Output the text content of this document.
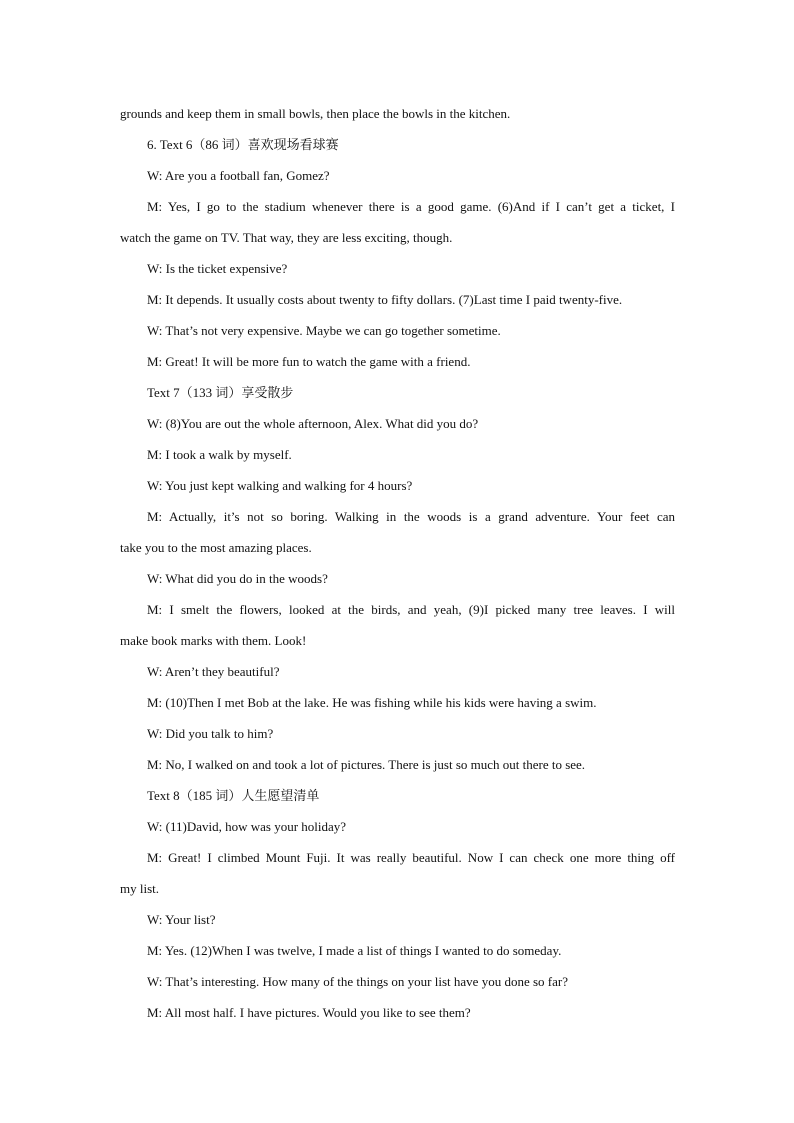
grounds and keep them in small bowls, then place the bowls in the kitchen.
6. Text 6（86 词）喜欢现场看球赛
W: Are you a football fan, Gomez?
M: Yes, I go to the stadium whenever there is a good game. (6)And if I can’t get a ticket, I
watch the game on TV. That way, they are less exciting, though.
W: Is the ticket expensive?
M: It depends. It usually costs about twenty to fifty dollars. (7)Last time I paid twenty-five.
W: That’s not very expensive. Maybe we can go together sometime.
M: Great! It will be more fun to watch the game with a friend.
Text 7（133 词）享受散步
W: (8)You are out the whole afternoon, Alex. What did you do?
M: I took a walk by myself.
W: You just kept walking and walking for 4 hours?
M: Actually, it’s not so boring. Walking in the woods is a grand adventure. Your feet can
take you to the most amazing places.
W: What did you do in the woods?
M: I smelt the flowers, looked at the birds, and yeah, (9)I picked many tree leaves. I will
make book marks with them. Look!
W: Aren’t they beautiful?
M: (10)Then I met Bob at the lake. He was fishing while his kids were having a swim.
W: Did you talk to him?
M: No, I walked on and took a lot of pictures. There is just so much out there to see.
Text 8（185 词）人生愿望清单
W: (11)David, how was your holiday?
M: Great! I climbed Mount Fuji. It was really beautiful. Now I can check one more thing off
my list.
W: Your list?
M: Yes. (12)When I was twelve, I made a list of things I wanted to do someday.
W: That’s interesting. How many of the things on your list have you done so far?
M: All most half. I have pictures. Would you like to see them?
